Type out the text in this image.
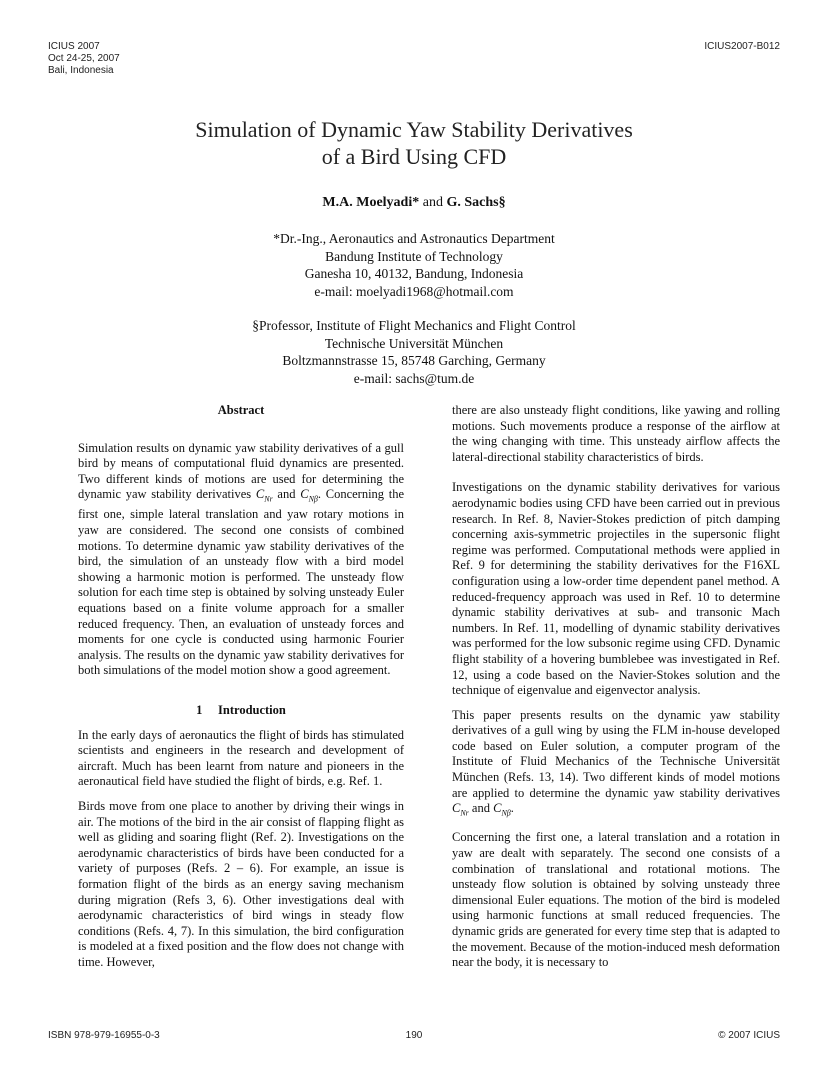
ICIUS 2007
Oct 24-25, 2007
Bali, Indonesia
ICIUS2007-B012
Simulation of Dynamic Yaw Stability Derivatives
of a Bird Using CFD
M.A. Moelyadi* and G. Sachs§
*Dr.-Ing., Aeronautics and Astronautics Department
Bandung Institute of Technology
Ganesha 10, 40132, Bandung, Indonesia
e-mail: moelyadi1968@hotmail.com
§Professor, Institute of Flight Mechanics and Flight Control
Technische Universität München
Boltzmannstrasse 15, 85748 Garching, Germany
e-mail: sachs@tum.de

Abstract

Simulation results on dynamic yaw stability derivatives of a gull bird by means of computational fluid dynamics are presented. Two different kinds of motions are used for determining the dynamic yaw stability derivatives $C_{Nr}$ and $C_{N\beta}$. Concerning the first one, simple lateral translation and yaw rotary motions in yaw are considered. The second one consists of combined motions. To determine dynamic yaw stability derivatives of the bird, the simulation of an unsteady flow with a bird model showing a harmonic motion is performed. The unsteady flow solution for each time step is obtained by solving unsteady Euler equations based on a finite volume approach for a smaller reduced frequency. Then, an evaluation of unsteady forces and moments for one cycle is conducted using harmonic Fourier analysis. The results on the dynamic yaw stability derivatives for both simulations of the model motion show a good agreement.

1     Introduction

In the early days of aeronautics the flight of birds has stimulated scientists and engineers in the research and development of aircraft. Much has been learnt from nature and pioneers in the aeronautical field have studied the flight of birds, e.g. Ref. 1.

Birds move from one place to another by driving their wings in air. The motions of the bird in the air consist of flapping flight as well as gliding and soaring flight (Ref. 2). Investigations on the aerodynamic characteristics of birds have been conducted for a variety of purposes (Refs. 2 – 6). For example, an issue is formation flight of the birds as an energy saving mechanism during migration (Refs 3, 6). Other investigations deal with aerodynamic characteristics of bird wings in steady flow conditions (Refs. 4, 7). In this simulation, the bird configuration is modeled at a fixed position and the flow does not change with time. However,

there are also unsteady flight conditions, like yawing and rolling motions. Such movements produce a response of the airflow at the wing changing with time. This unsteady airflow affects the lateral-directional stability characteristics of birds.

Investigations on the dynamic stability derivatives for various aerodynamic bodies using CFD have been carried out in previous research. In Ref. 8, Navier-Stokes prediction of pitch damping concerning axis-symmetric projectiles in the supersonic flight regime was performed. Computational methods were applied in Ref. 9 for determining the stability derivatives for the F16XL configuration using a low-order time dependent panel method. A reduced-frequency approach was used in Ref. 10 to determine dynamic stability derivatives at sub- and transonic Mach numbers. In Ref. 11, modelling of dynamic stability derivatives was performed for the low subsonic regime using CFD. Dynamic flight stability of a hovering bumblebee was investigated in Ref. 12, using a code based on the Navier-Stokes solution and the technique of eigenvalue and eigenvector analysis.

This paper presents results on the dynamic yaw stability derivatives of a gull wing by using the FLM in-house developed code based on Euler solution, a computer program of the Institute of Fluid Mechanics of the Technische Universität München (Refs. 13, 14). Two different kinds of model motions are applied to determine the dynamic yaw stability derivatives $C_{Nr}$ and $C_{N\beta}$.

Concerning the first one, a lateral translation and a rotation in yaw are dealt with separately. The second one consists of a combination of translational and rotational motions. The unsteady flow solution is obtained by solving unsteady three dimensional Euler equations. The motion of the bird is modeled using harmonic functions at small reduced frequencies. The dynamic grids are generated for every time step that is adapted to the movement. Because of the motion-induced mesh deformation near the body, it is necessary to

ISBN 978-979-16955-0-3	190	© 2007 ICIUS
